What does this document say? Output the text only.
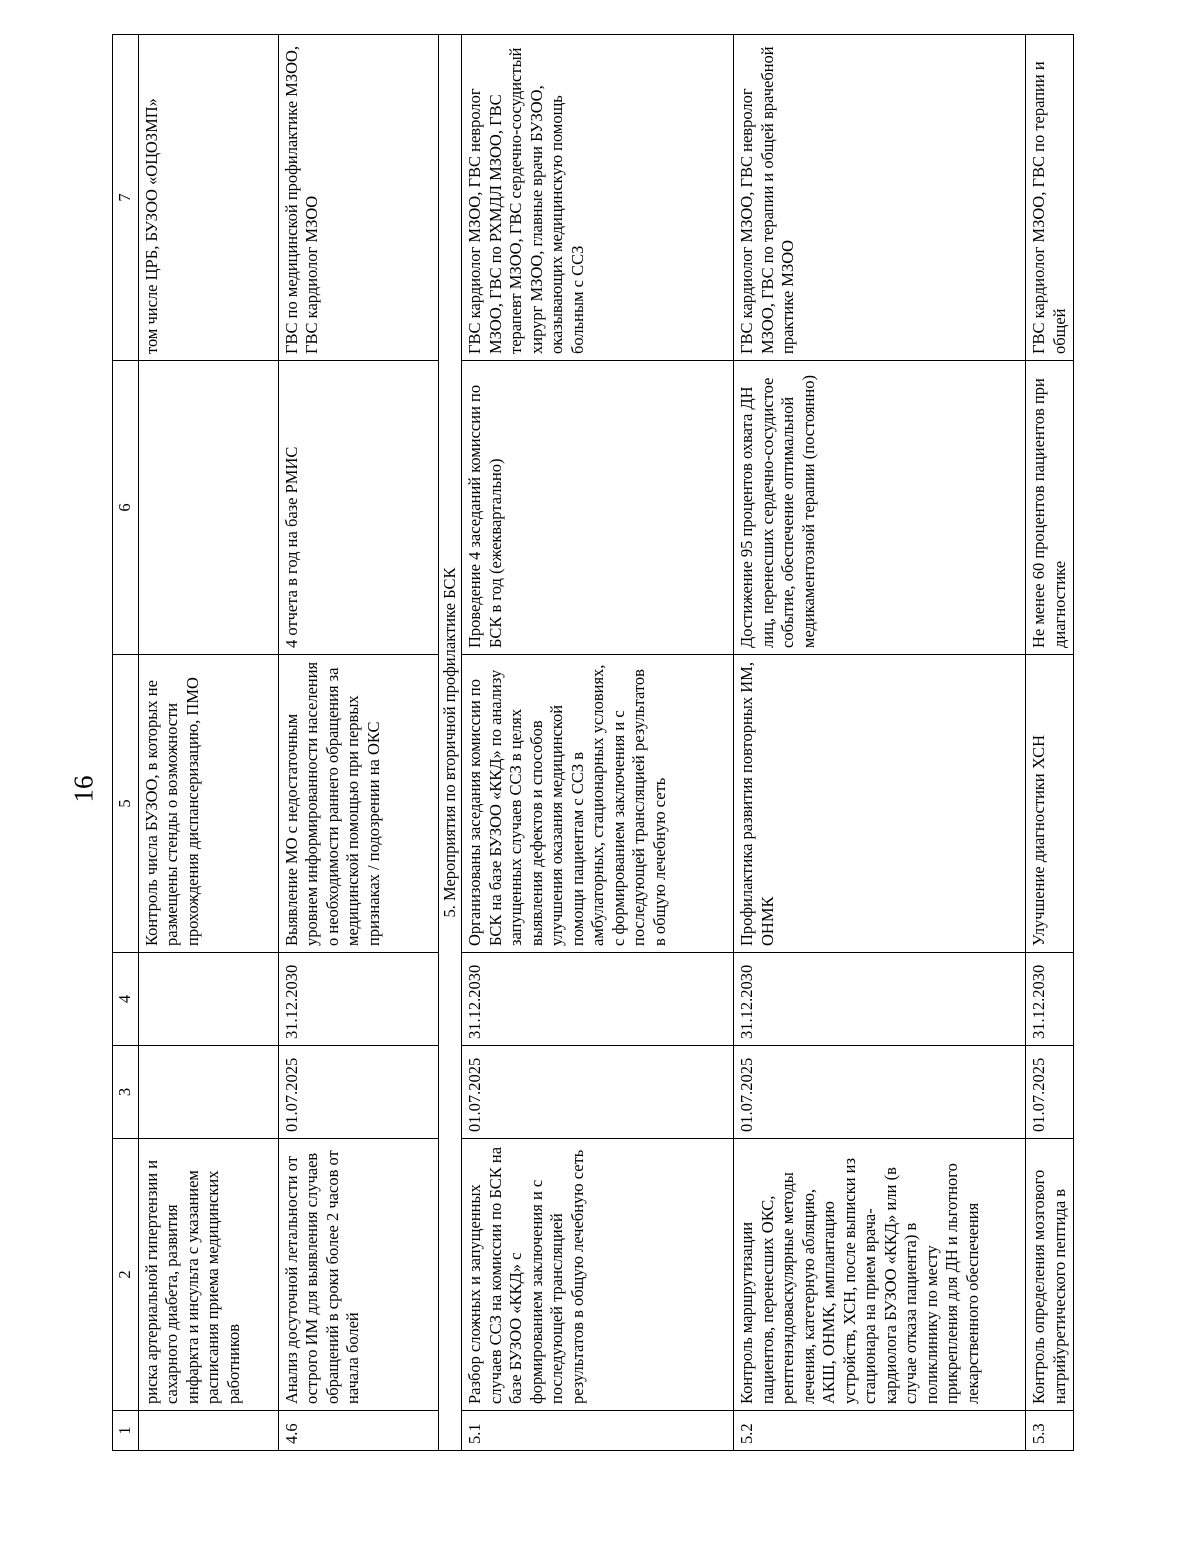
16
1	2	3	4	5	6	7
	риска артериальной гипертензии и сахарного диабета, развития инфаркта и инсульта с указанием расписания приема медицинских работников			Контроль числа БУЗОО, в которых не размещены стенды о возможности прохождения диспансеризацию, ПМО		том числе ЦРБ, БУЗОО «ОЦОЗМП»
4.6	Анализ досуточной летальности от острого ИМ для выявления случаев обращений в сроки более 2 часов от начала болей	01.07.2025	31.12.2030	Выявление МО с недостаточным уровнем информированности населения о необходимости раннего обращения за медицинской помощью при первых признаках / подозрении на ОКС	4 отчета в год на базе РМИС	ГВС по медицинской профилактике МЗОО, ГВС кардиолог МЗОО
5. Мероприятия по вторичной профилактике БСК						
5.1	Разбор сложных и запущенных случаев ССЗ на комиссии по БСК на базе БУЗОО «ККД» с формированием заключения и с последующей трансляцией результатов в общую лечебную сеть	01.07.2025	31.12.2030	Организованы заседания комиссии по БСК на базе БУЗОО «ККД» по анализу запущенных случаев ССЗ в целях выявления дефектов и способов улучшения оказания медицинской помощи пациентам с ССЗ в амбулаторных, стационарных условиях, с формированием заключения и с последующей трансляцией результатов в общую лечебную сеть	Проведение 4 заседаний комиссии по БСК в год (ежеквартально)	ГВС кардиолог МЗОО, ГВС невролог МЗОО, ГВС по РХМДЛ МЗОО, ГВС терапевт МЗОО, ГВС сердечно-сосудистый хирург МЗОО, главные врачи БУЗОО, оказывающих медицинскую помощь больным с ССЗ
5.2	Контроль маршрутизации пациентов, перенесших ОКС, рентгенэндоваскулярные методы лечения, катетерную абляцию, АКШ, ОНМК, имплантацию устройств, ХСН, после выписки из стационара на прием врача-кардиолога БУЗОО «ККД» или (в случае отказа пациента) в поликлинику по месту прикрепления для ДН и льготного лекарственного обеспечения	01.07.2025	31.12.2030	Профилактика развития повторных ИМ, ОНМК	Достижение 95 процентов охвата ДН лиц, перенесших сердечно-сосудистое событие, обеспечение оптимальной медикаментозной терапии (постоянно)	ГВС кардиолог МЗОО, ГВС невролог МЗОО, ГВС по терапии и общей врачебной практике МЗОО
5.3	Контроль определения мозгового натрийуретического пептида в	01.07.2025	31.12.2030	Улучшение диагностики ХСН	Не менее 60 процентов пациентов при диагностике	ГВС кардиолог МЗОО, ГВС по терапии и общей
